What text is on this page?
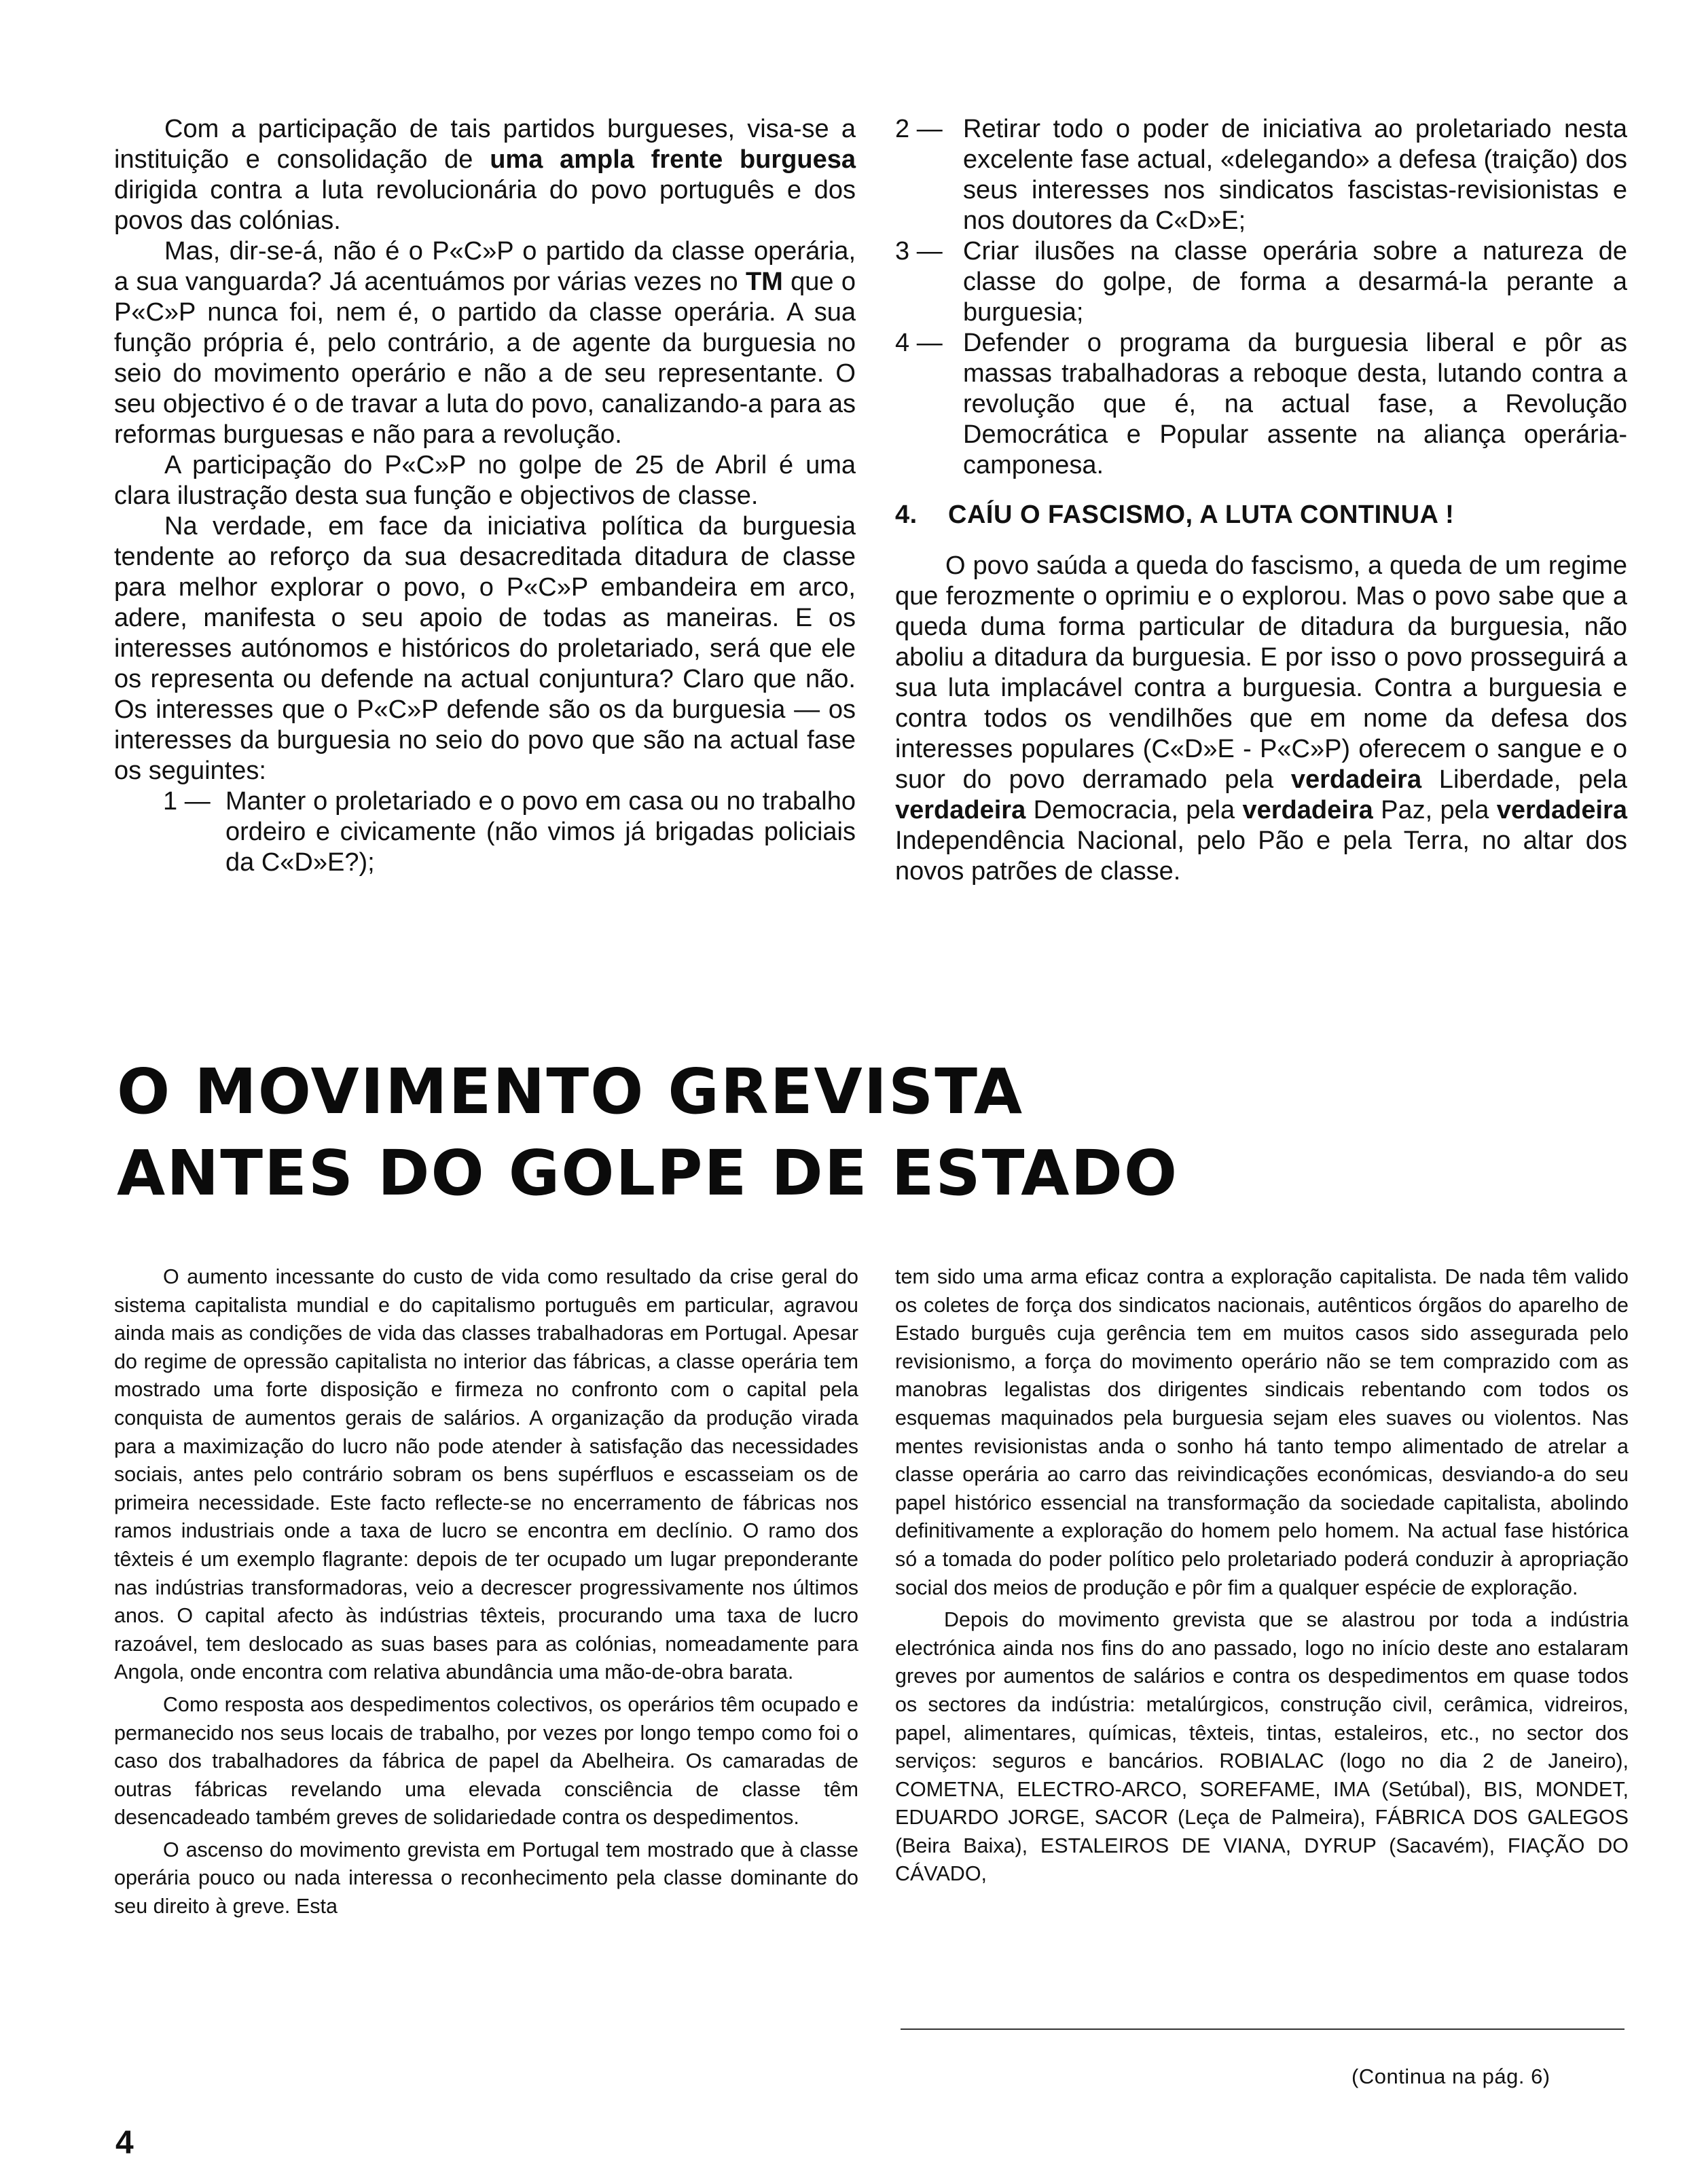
Com a participação de tais partidos burgueses, visa-se a instituição e consolidação de uma ampla frente burguesa dirigida contra a luta revolucionária do povo português e dos povos das colónias.

Mas, dir-se-á, não é o P«C»P o partido da classe operária, a sua vanguarda? Já acentuámos por várias vezes no TM que o P«C»P nunca foi, nem é, o partido da classe operária. A sua função própria é, pelo contrário, a de agente da burguesia no seio do movimento operário e não a de seu representante. O seu objectivo é o de travar a luta do povo, canalizando-a para as reformas burguesas e não para a revolução.

A participação do P«C»P no golpe de 25 de Abril é uma clara ilustração desta sua função e objectivos de classe.

Na verdade, em face da iniciativa política da burguesia tendente ao reforço da sua desacreditada ditadura de classe para melhor explorar o povo, o P«C»P embandeira em arco, adere, manifesta o seu apoio de todas as maneiras. E os interesses autónomos e históricos do proletariado, será que ele os representa ou defende na actual conjuntura? Claro que não. Os interesses que o P«C»P defende são os da burguesia — os interesses da burguesia no seio do povo que são na actual fase os seguintes:

1 — Manter o proletariado e o povo em casa ou no trabalho ordeiro e civicamente (não vimos já brigadas policiais da C«D»E?);
2 — Retirar todo o poder de iniciativa ao proletariado nesta excelente fase actual, «delegando» a defesa (traição) dos seus interesses nos sindicatos fascistas-revisionistas e nos doutores da C«D»E;
3 — Criar ilusões na classe operária sobre a natureza de classe do golpe, de forma a desarmá-la perante a burguesia;
4 — Defender o programa da burguesia liberal e pôr as massas trabalhadoras a reboque desta, lutando contra a revolução que é, na actual fase, a Revolução Democrática e Popular assente na aliança operária-camponesa.
4.	CAÍU O FASCISMO, A LUTA CONTINUA !

O povo saúda a queda do fascismo, a queda de um regime que ferozmente o oprimiu e o explorou. Mas o povo sabe que a queda duma forma particular de ditadura da burguesia, não aboliu a ditadura da burguesia. E por isso o povo prosseguirá a sua luta implacável contra a burguesia. Contra a burguesia e contra todos os vendilhões que em nome da defesa dos interesses populares (C«D»E - P«C»P) oferecem o sangue e o suor do povo derramado pela verdadeira Liberdade, pela verdadeira Democracia, pela verdadeira Paz, pela verdadeira Independência Nacional, pelo Pão e pela Terra, no altar dos novos patrões de classe.

O MOVIMENTO GREVISTA
ANTES DO GOLPE DE ESTADO

O aumento incessante do custo de vida como resultado da crise geral do sistema capitalista mundial e do capitalismo português em particular, agravou ainda mais as condições de vida das classes trabalhadoras em Portugal. Apesar do regime de opressão capitalista no interior das fábricas, a classe operária tem mostrado uma forte disposição e firmeza no confronto com o capital pela conquista de aumentos gerais de salários. A organização da produção virada para a maximização do lucro não pode atender à satisfação das necessidades sociais, antes pelo contrário sobram os bens supérfluos e escasseiam os de primeira necessidade. Este facto reflecte-se no encerramento de fábricas nos ramos industriais onde a taxa de lucro se encontra em declínio. O ramo dos têxteis é um exemplo flagrante: depois de ter ocupado um lugar preponderante nas indústrias transformadoras, veio a decrescer progressivamente nos últimos anos. O capital afecto às indústrias têxteis, procurando uma taxa de lucro razoável, tem deslocado as suas bases para as colónias, nomeadamente para Angola, onde encontra com relativa abundância uma mão-de-obra barata.

Como resposta aos despedimentos colectivos, os operários têm ocupado e permanecido nos seus locais de trabalho, por vezes por longo tempo como foi o caso dos trabalhadores da fábrica de papel da Abelheira. Os camaradas de outras fábricas revelando uma elevada consciência de classe têm desencadeado também greves de solidariedade contra os despedimentos.

O ascenso do movimento grevista em Portugal tem mostrado que à classe operária pouco ou nada interessa o reconhecimento pela classe dominante do seu direito à greve. Esta

tem sido uma arma eficaz contra a exploração capitalista. De nada têm valido os coletes de força dos sindicatos nacionais, autênticos órgãos do aparelho de Estado burguês cuja gerência tem em muitos casos sido assegurada pelo revisionismo, a força do movimento operário não se tem comprazido com as manobras legalistas dos dirigentes sindicais rebentando com todos os esquemas maquinados pela burguesia sejam eles suaves ou violentos. Nas mentes revisionistas anda o sonho há tanto tempo alimentado de atrelar a classe operária ao carro das reivindicações económicas, desviando-a do seu papel histórico essencial na transformação da sociedade capitalista, abolindo definitivamente a exploração do homem pelo homem. Na actual fase histórica só a tomada do poder político pelo proletariado poderá conduzir à apropriação social dos meios de produção e pôr fim a qualquer espécie de exploração.

Depois do movimento grevista que se alastrou por toda a indústria electrónica ainda nos fins do ano passado, logo no início deste ano estalaram greves por aumentos de salários e contra os despedimentos em quase todos os sectores da indústria: metalúrgicos, construção civil, cerâmica, vidreiros, papel, alimentares, químicas, têxteis, tintas, estaleiros, etc., no sector dos serviços: seguros e bancários. ROBIALAC (logo no dia 2 de Janeiro), COMETNA, ELECTRO-ARCO, SOREFAME, IMA (Setúbal), BIS, MONDET, EDUARDO JORGE, SACOR (Leça de Palmeira), FÁBRICA DOS GALEGOS (Beira Baixa), ESTALEIROS DE VIANA, DYRUP (Sacavém), FIAÇÃO DO CÁVADO,

(Continua na pág. 6)
4
